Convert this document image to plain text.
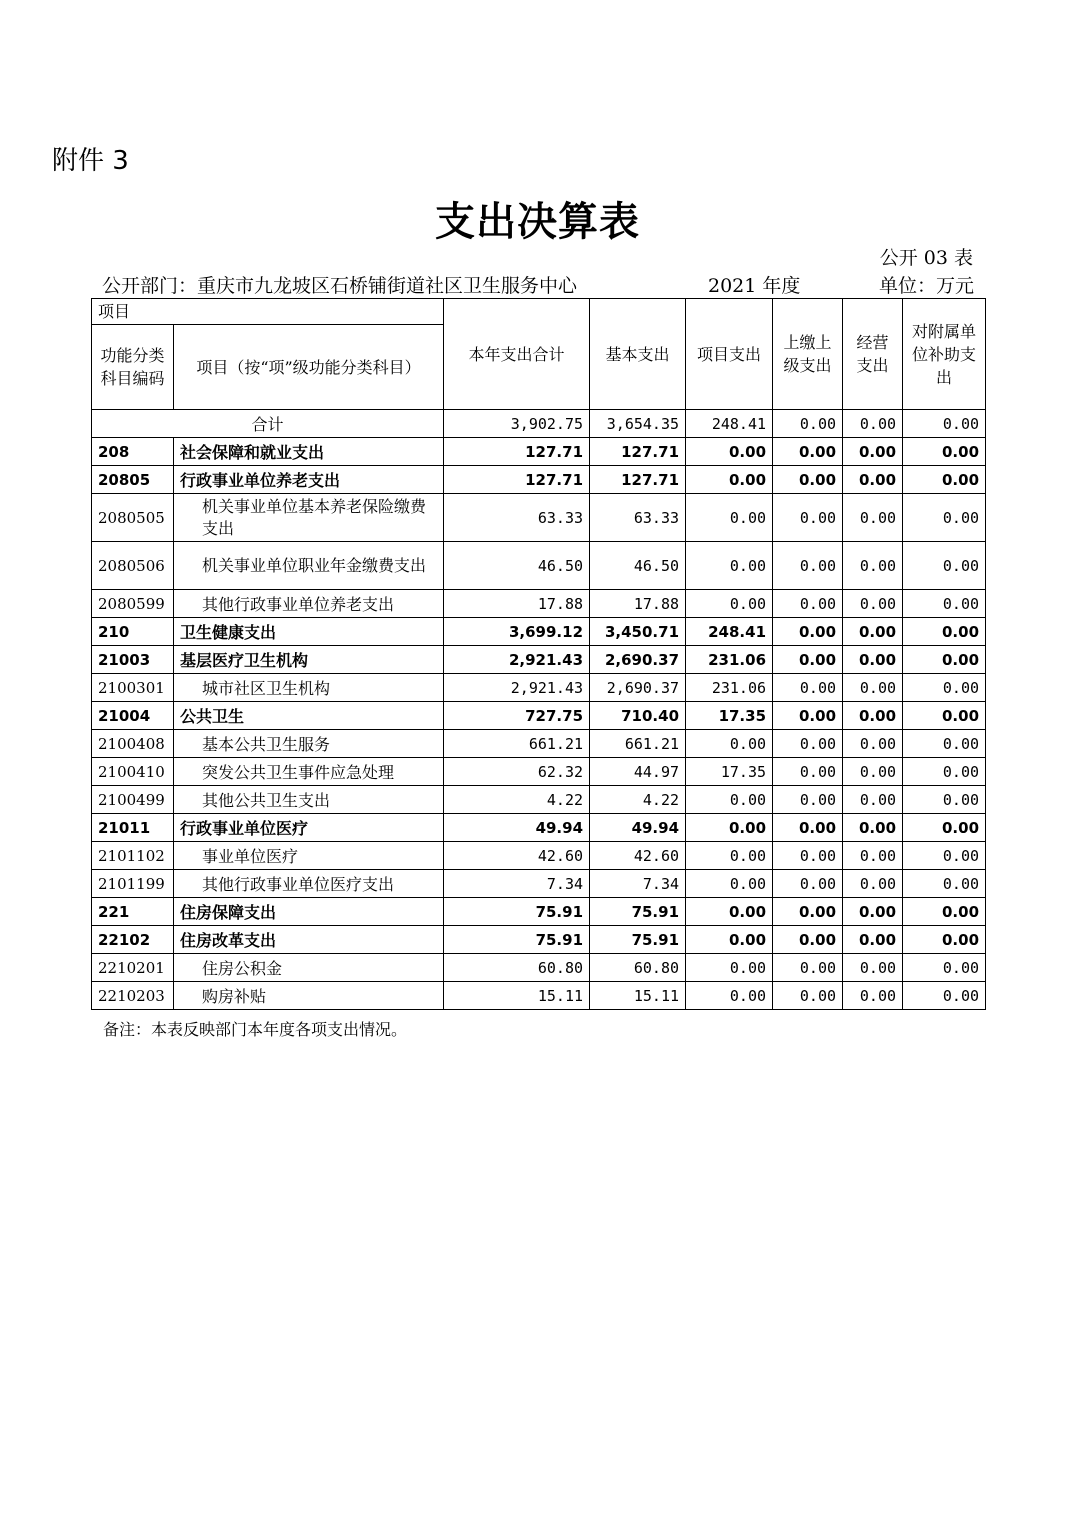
附件 3
支出决算表
公开 03 表
公开部门：重庆市九龙坡区石桥铺街道社区卫生服务中心	2021 年度	单位：万元
项目		本年支出合计	基本支出	项目支出	上缴上级支出	经营支出	对附属单位补助支出
功能分类科目编码	项目（按“项”级功能分类科目）						
合计		3,902.75	3,654.35	248.41	0.00	0.00	0.00
208	社会保障和就业支出	127.71	127.71	0.00	0.00	0.00	0.00
20805	行政事业单位养老支出	127.71	127.71	0.00	0.00	0.00	0.00
2080505	机关事业单位基本养老保险缴费支出	63.33	63.33	0.00	0.00	0.00	0.00
2080506	机关事业单位职业年金缴费支出	46.50	46.50	0.00	0.00	0.00	0.00
2080599	其他行政事业单位养老支出	17.88	17.88	0.00	0.00	0.00	0.00
210	卫生健康支出	3,699.12	3,450.71	248.41	0.00	0.00	0.00
21003	基层医疗卫生机构	2,921.43	2,690.37	231.06	0.00	0.00	0.00
2100301	城市社区卫生机构	2,921.43	2,690.37	231.06	0.00	0.00	0.00
21004	公共卫生	727.75	710.40	17.35	0.00	0.00	0.00
2100408	基本公共卫生服务	661.21	661.21	0.00	0.00	0.00	0.00
2100410	突发公共卫生事件应急处理	62.32	44.97	17.35	0.00	0.00	0.00
2100499	其他公共卫生支出	4.22	4.22	0.00	0.00	0.00	0.00
21011	行政事业单位医疗	49.94	49.94	0.00	0.00	0.00	0.00
2101102	事业单位医疗	42.60	42.60	0.00	0.00	0.00	0.00
2101199	其他行政事业单位医疗支出	7.34	7.34	0.00	0.00	0.00	0.00
221	住房保障支出	75.91	75.91	0.00	0.00	0.00	0.00
22102	住房改革支出	75.91	75.91	0.00	0.00	0.00	0.00
2210201	住房公积金	60.80	60.80	0.00	0.00	0.00	0.00
2210203	购房补贴	15.11	15.11	0.00	0.00	0.00	0.00
备注：本表反映部门本年度各项支出情况。
